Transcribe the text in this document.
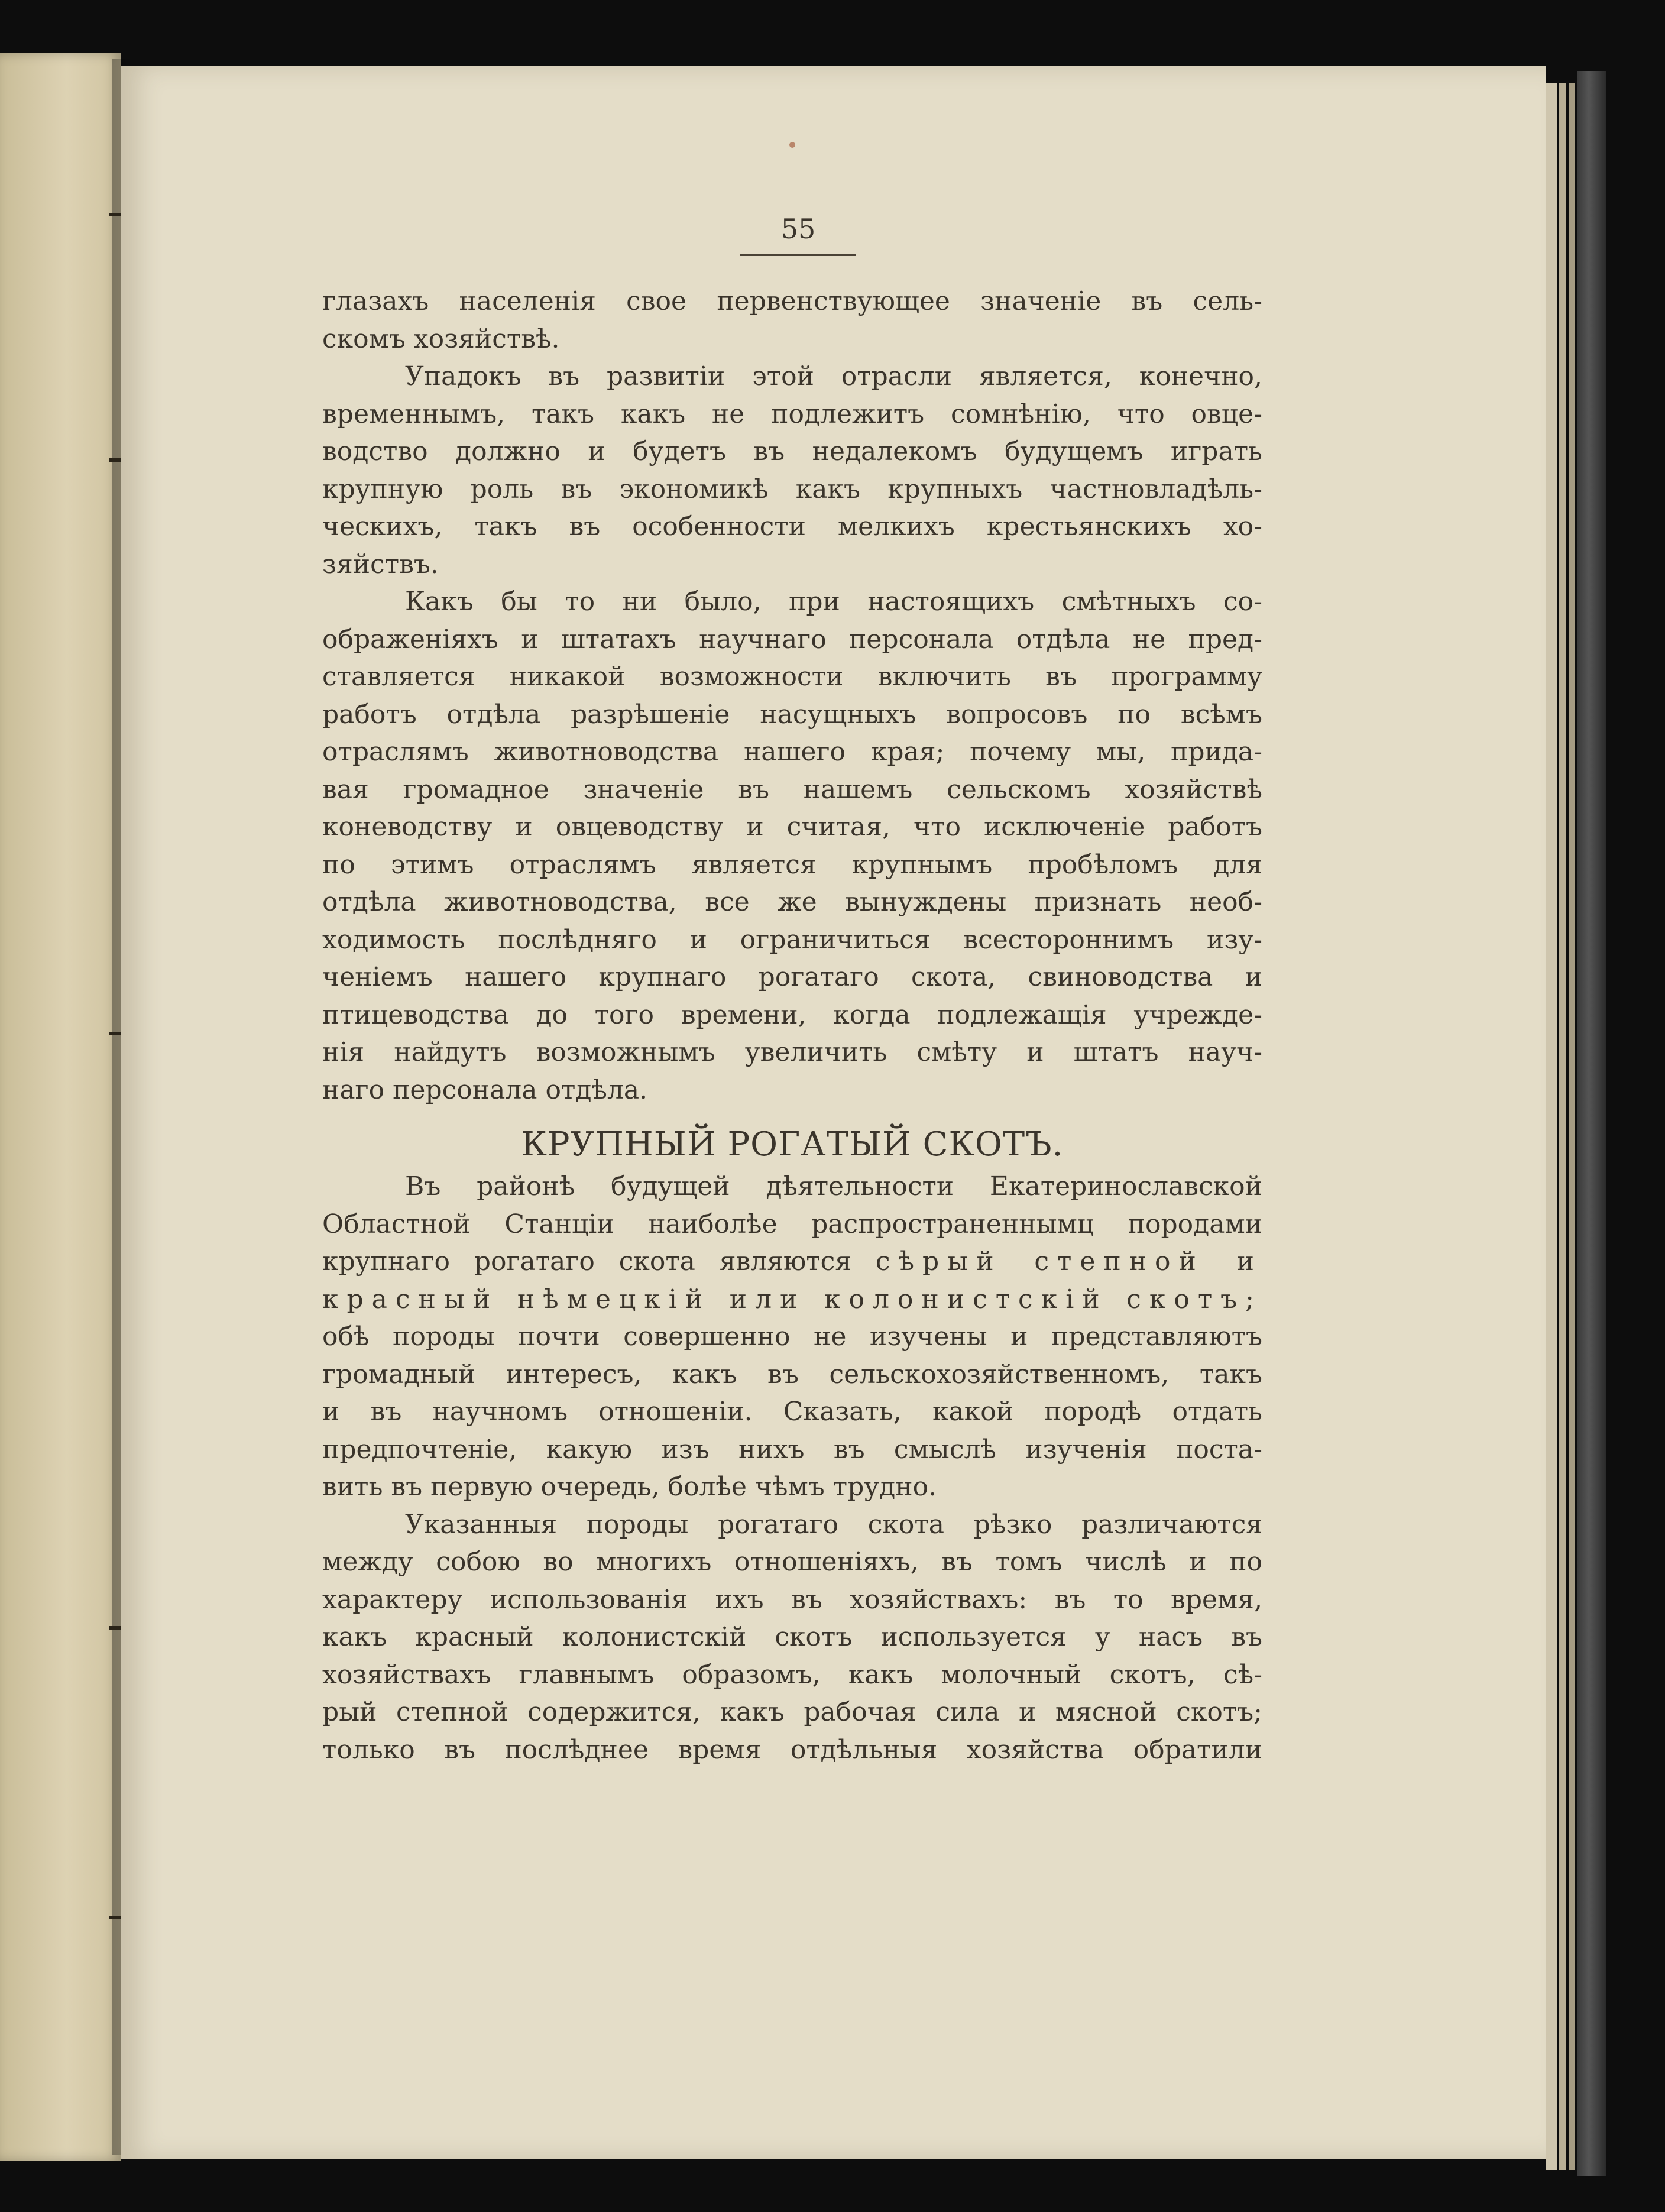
55
глазахъ населенія свое первенствующее значеніе въ сель-
скомъ хозяйствѣ.
Упадокъ въ развитіи этой отрасли является, конечно,
временнымъ, такъ какъ не подлежитъ сомнѣнію, что овце-
водство должно и будетъ въ недалекомъ будущемъ играть
крупную роль въ экономикѣ какъ крупныхъ частновладѣль-
ческихъ, такъ въ особенности мелкихъ крестьянскихъ хо-
зяйствъ.
Какъ бы то ни было, при настоящихъ смѣтныхъ со-
ображеніяхъ и штатахъ научнаго персонала отдѣла не пред-
ставляется никакой возможности включить въ программу
работъ отдѣла разрѣшеніе насущныхъ вопросовъ по всѣмъ
отраслямъ животноводства нашего края; почему мы, прида-
вая громадное значеніе въ нашемъ сельскомъ хозяйствѣ
коневодству и овцеводству и считая, что исключеніе работъ
по этимъ отраслямъ является крупнымъ пробѣломъ для
отдѣла животноводства, все же вынуждены признать необ-
ходимость послѣдняго и ограничиться всестороннимъ изу-
ченіемъ нашего крупнаго рогатаго скота, свиноводства и
птицеводства до того времени, когда подлежащія учрежде-
нія найдутъ возможнымъ увеличить смѣту и штатъ науч-
наго персонала отдѣла.
КРУПНЫЙ РОГАТЫЙ СКОТЪ.
Въ районѣ будущей дѣятельности Екатеринославской
Областной Станціи наиболѣе распространеннымц породами
крупнаго рогатаго скота являются сѣрый степной и
красный нѣмецкій или колонистскій скотъ;
обѣ породы почти совершенно не изучены и представляютъ
громадный интересъ, какъ въ сельскохозяйственномъ, такъ
и въ научномъ отношеніи. Сказать, какой породѣ отдать
предпочтеніе, какую изъ нихъ въ смыслѣ изученія поста-
вить въ первую очередь, болѣе чѣмъ трудно.
Указанныя породы рогатаго скота рѣзко различаются
между собою во многихъ отношеніяхъ, въ томъ числѣ и по
характеру использованія ихъ въ хозяйствахъ: въ то время,
какъ красный колонистскій скотъ используется у насъ въ
хозяйствахъ главнымъ образомъ, какъ молочный скотъ, сѣ-
рый степной содержится, какъ рабочая сила и мясной скотъ;
только въ послѣднее время отдѣльныя хозяйства обратили
